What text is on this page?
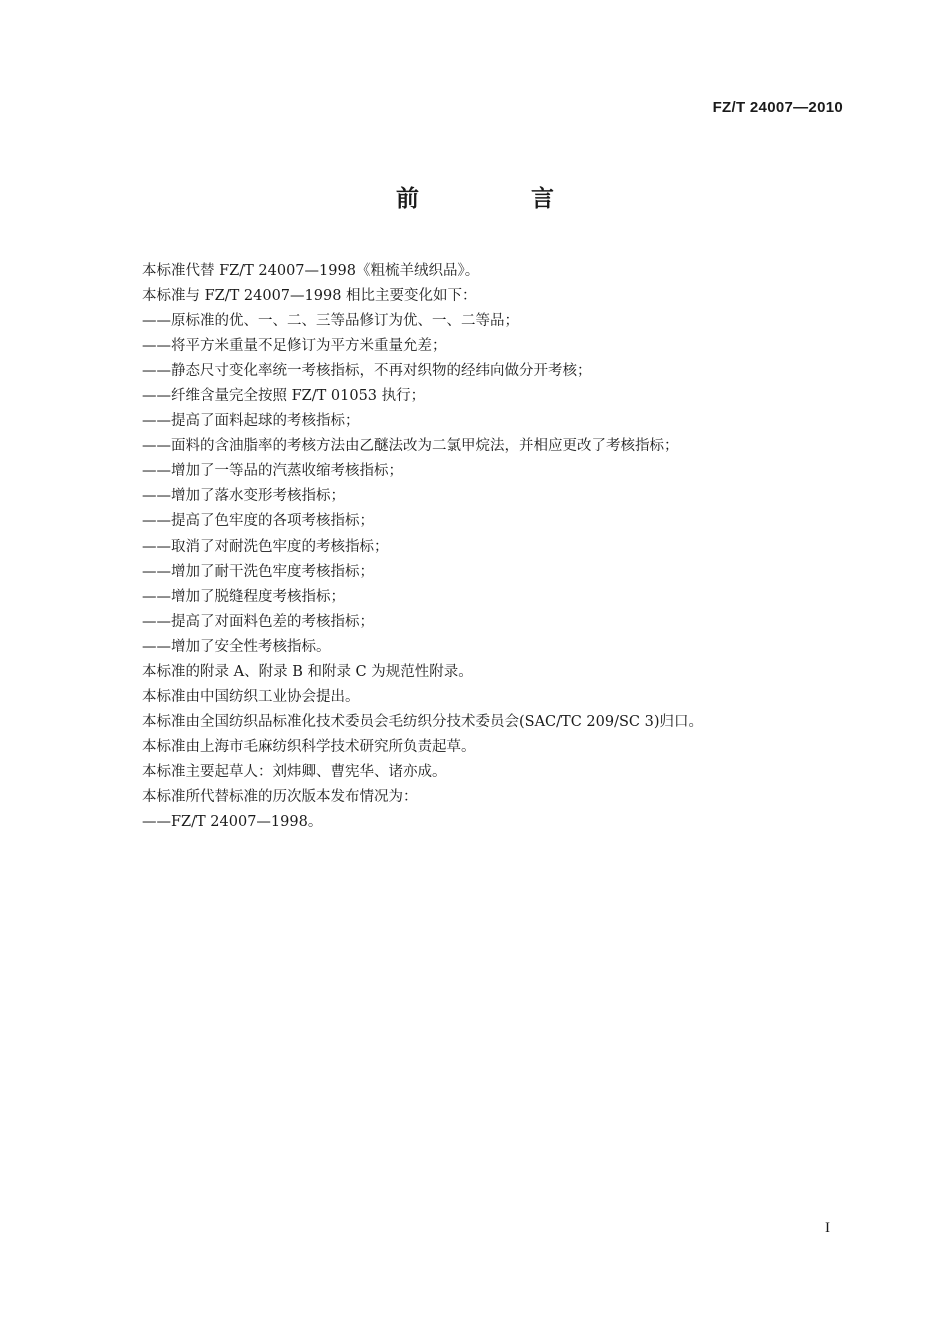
FZ/T 24007—2010
前 言
本标准代替 FZ/T 24007—1998《粗梳羊绒织品》。
本标准与 FZ/T 24007—1998 相比主要变化如下：
——原标准的优、一、二、三等品修订为优、一、二等品；
——将平方米重量不足修订为平方米重量允差；
——静态尺寸变化率统一考核指标，不再对织物的经纬向做分开考核；
——纤维含量完全按照 FZ/T 01053 执行；
——提高了面料起球的考核指标；
——面料的含油脂率的考核方法由乙醚法改为二氯甲烷法，并相应更改了考核指标；
——增加了一等品的汽蒸收缩考核指标；
——增加了落水变形考核指标；
——提高了色牢度的各项考核指标；
——取消了对耐洗色牢度的考核指标；
——增加了耐干洗色牢度考核指标；
——增加了脱缝程度考核指标；
——提高了对面料色差的考核指标；
——增加了安全性考核指标。
本标准的附录 A、附录 B 和附录 C 为规范性附录。
本标准由中国纺织工业协会提出。
本标准由全国纺织品标准化技术委员会毛纺织分技术委员会(SAC/TC 209/SC 3)归口。
本标准由上海市毛麻纺织科学技术研究所负责起草。
本标准主要起草人：刘炜卿、曹宪华、诸亦成。
本标准所代替标准的历次版本发布情况为：
——FZ/T 24007—1998。
I
